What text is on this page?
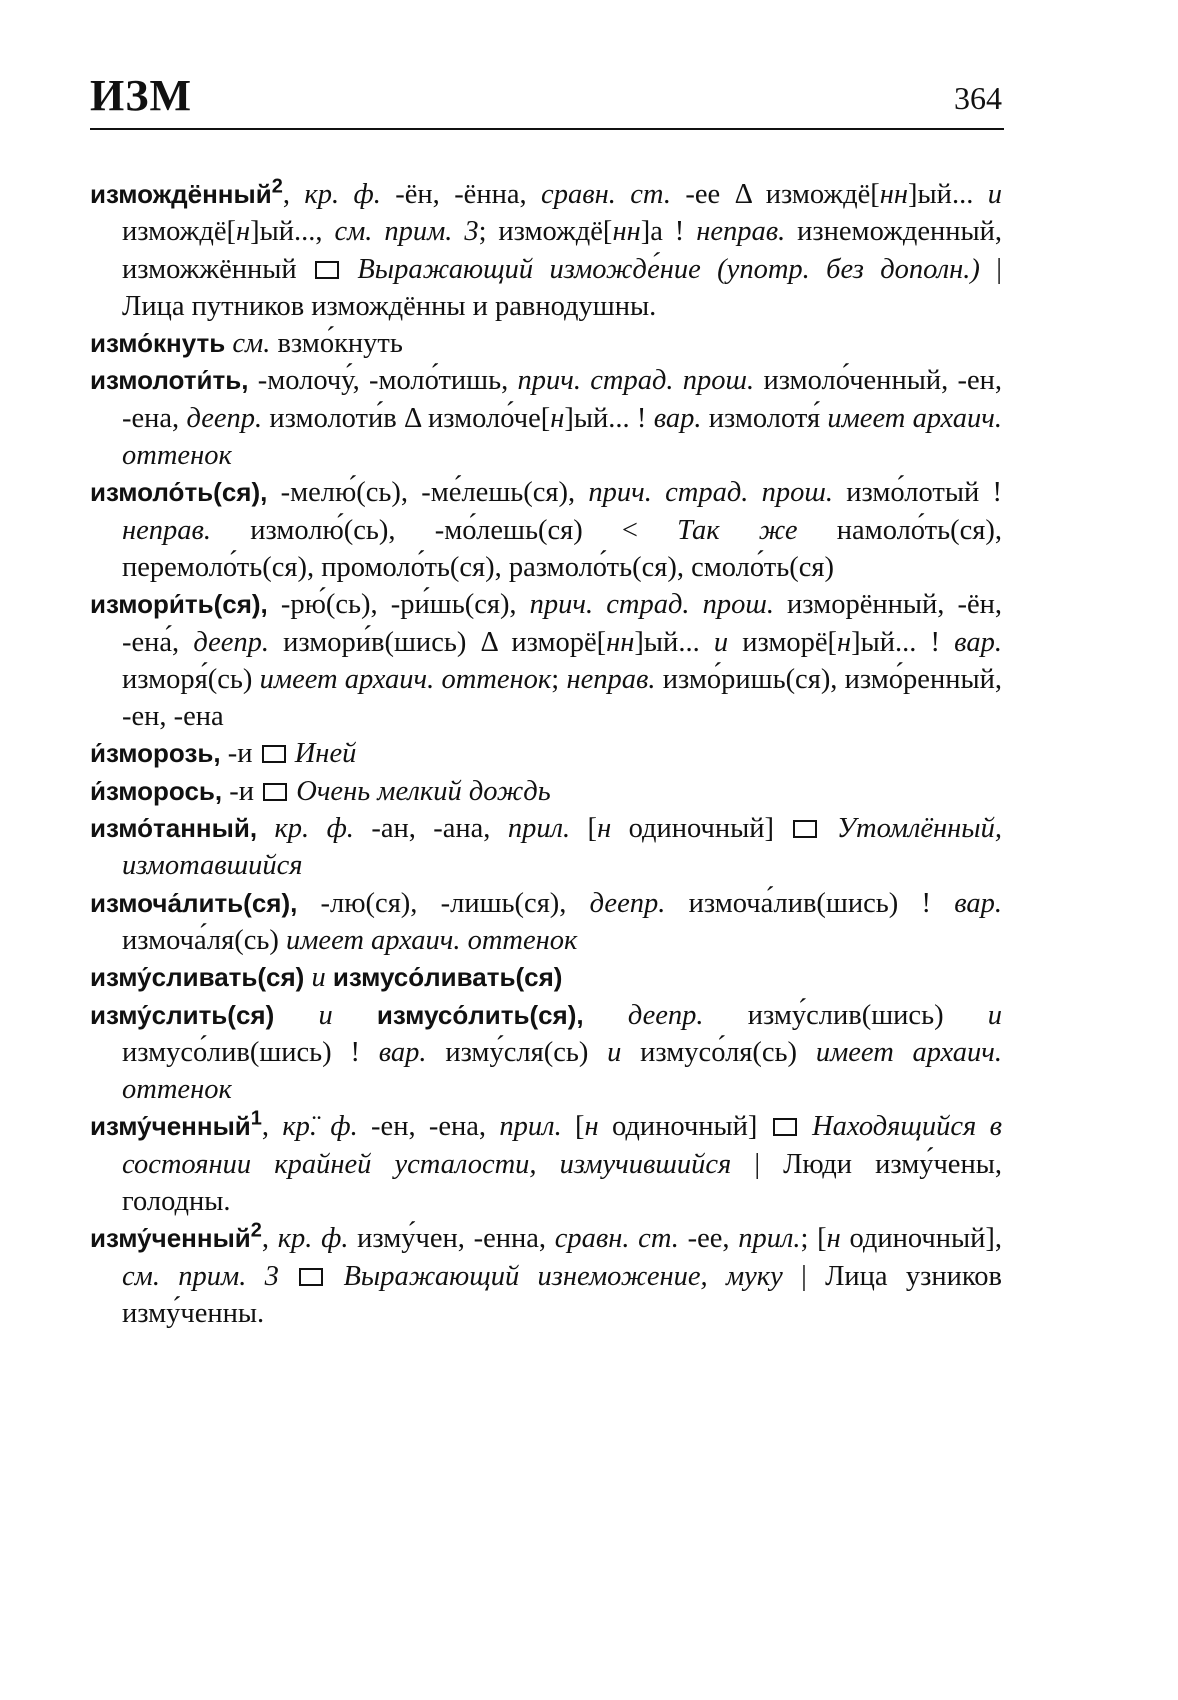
ИЗМ	364

измождённый$^2$, кр. ф. -ён, -ённа, сравн. ст. -ее Δ измождё[нн]ый... и измождё[н]ый..., см. прим. 3; измождё[нн]а ! неправ. изнеможденный, изможжённый  Выражающий изможде́ние (употр. без дополн.) | Лица путников измождённы и равнодушны.

измо́кнуть см. взмо́кнуть

измолоти́ть, -молочу́, -моло́тишь, прич. страд. прош. измоло́ченный, -ен, -ена, деепр. измолоти́в Δ измоло́че[н]ый... ! вар. измолотя́ имеет архаич. оттенок

измоло́ть(ся), -мелю́(сь), -ме́лешь(ся), прич. страд. прош. измо́лотый ! неправ. измолю́(сь), -мо́лешь(ся) < Так же намоло́ть(ся), перемоло́ть(ся), промоло́ть(ся), размоло́ть(ся), смоло́ть(ся)

измори́ть(ся), -рю́(сь), -ри́шь(ся), прич. страд. прош. изморённый, -ён, -ена́, деепр. измори́в(шись) Δ изморё[нн]ый... и изморё[н]ый... ! вар. изморя́(сь) имеет архаич. оттенок; неправ. измо́ришь(ся), измо́ренный, -ен, -ена

и́зморозь, -и  Иней

и́зморось, -и  Очень мелкий дождь

измо́танный, кр. ф. -ан, -ана, прил. [н одиночный]  Утомлённый, измотавшийся

измоча́лить(ся), -лю(ся), -лишь(ся), деепр. измоча́лив(шись) ! вар. измоча́ля(сь) имеет архаич. оттенок

изму́сливать(ся) и измусо́ливать(ся)

изму́слить(ся) и измусо́лить(ся), деепр. изму́слив(шись) и измусо́лив(шись) ! вар. изму́сля(сь) и измусо́ля(сь) имеет архаич. оттенок

изму́ченный$^1$, кр̈. ф. -ен, -ена, прил. [н одиночный]  Находящийся в состоянии крайней усталости, измучившийся | Люди изму́чены, голодны.

изму́ченный$^2$, кр. ф. изму́чен, -енна, сравн. ст. -ее, прил.; [н одиночный], см. прим. 3 Выражающий изнеможение, муку | Лица узников изму́ченны.
